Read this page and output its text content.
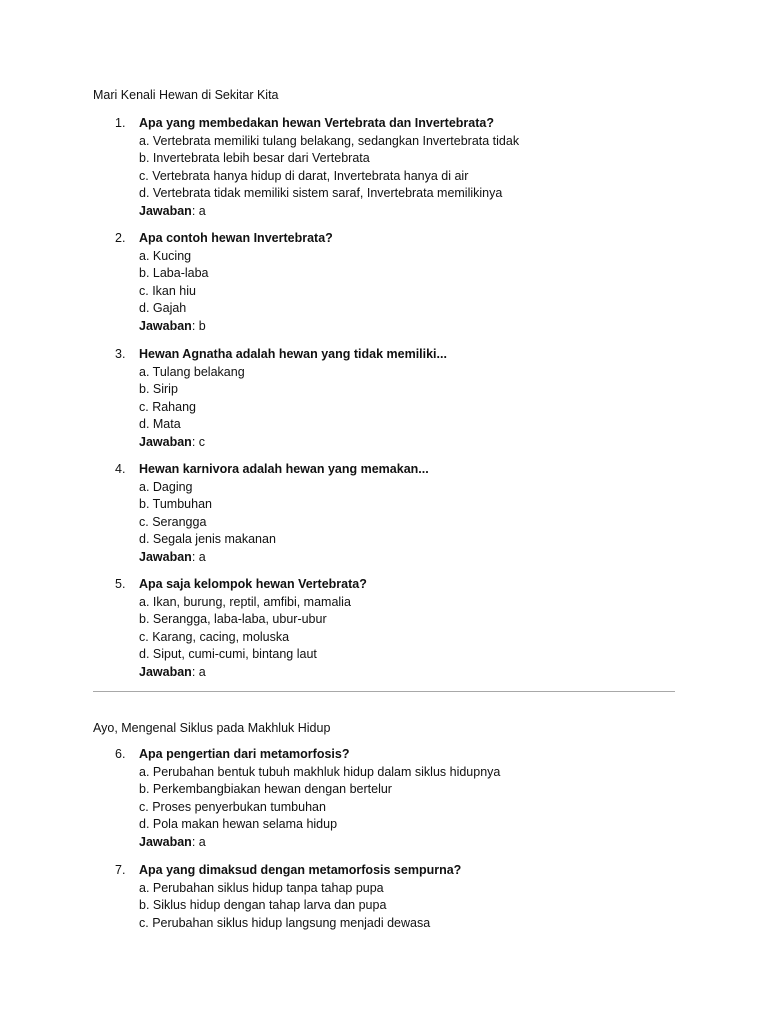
Mari Kenali Hewan di Sekitar Kita
1. Apa yang membedakan hewan Vertebrata dan Invertebrata?
a. Vertebrata memiliki tulang belakang, sedangkan Invertebrata tidak
b. Invertebrata lebih besar dari Vertebrata
c. Vertebrata hanya hidup di darat, Invertebrata hanya di air
d. Vertebrata tidak memiliki sistem saraf, Invertebrata memilikinya
Jawaban: a
2. Apa contoh hewan Invertebrata?
a. Kucing
b. Laba-laba
c. Ikan hiu
d. Gajah
Jawaban: b
3. Hewan Agnatha adalah hewan yang tidak memiliki...
a. Tulang belakang
b. Sirip
c. Rahang
d. Mata
Jawaban: c
4. Hewan karnivora adalah hewan yang memakan...
a. Daging
b. Tumbuhan
c. Serangga
d. Segala jenis makanan
Jawaban: a
5. Apa saja kelompok hewan Vertebrata?
a. Ikan, burung, reptil, amfibi, mamalia
b. Serangga, laba-laba, ubur-ubur
c. Karang, cacing, moluska
d. Siput, cumi-cumi, bintang laut
Jawaban: a
Ayo, Mengenal Siklus pada Makhluk Hidup
6. Apa pengertian dari metamorfosis?
a. Perubahan bentuk tubuh makhluk hidup dalam siklus hidupnya
b. Perkembangbiakan hewan dengan bertelur
c. Proses penyerbukan tumbuhan
d. Pola makan hewan selama hidup
Jawaban: a
7. Apa yang dimaksud dengan metamorfosis sempurna?
a. Perubahan siklus hidup tanpa tahap pupa
b. Siklus hidup dengan tahap larva dan pupa
c. Perubahan siklus hidup langsung menjadi dewasa
